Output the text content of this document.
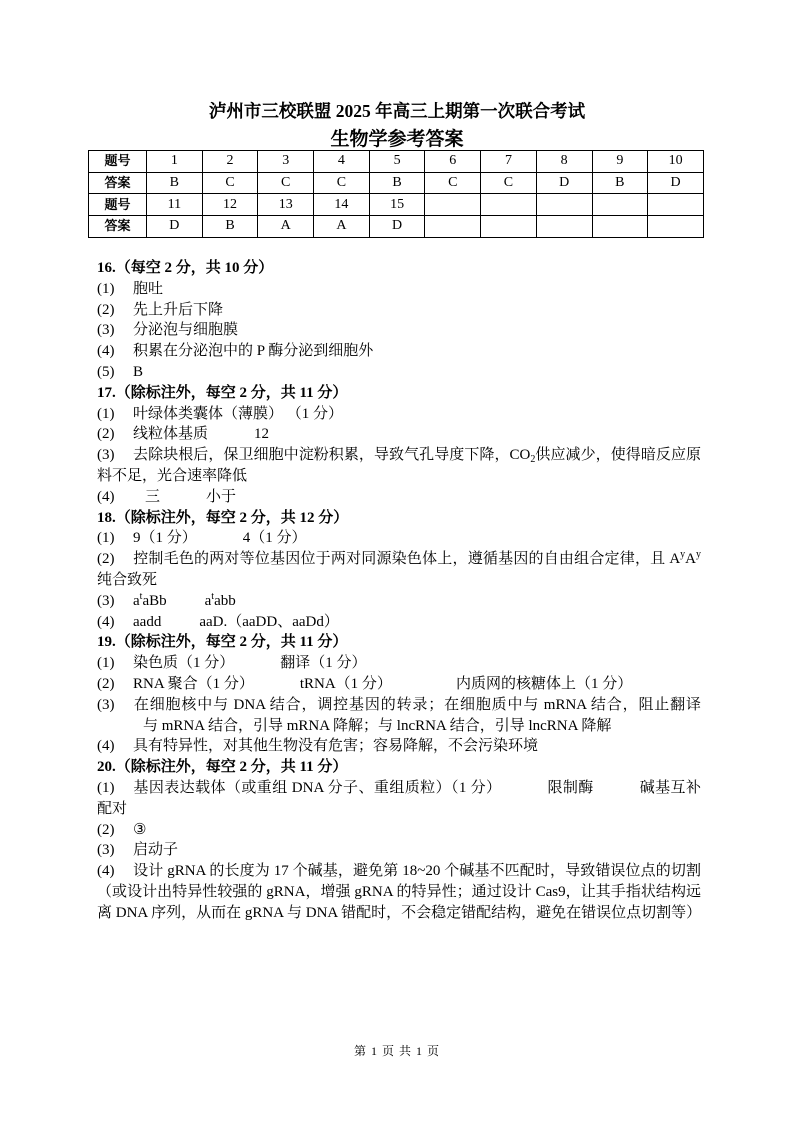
泸州市三校联盟 2025 年高三上期第一次联合考试
生物学参考答案
题号	1	2	3	4	5	6	7	8	9	10
答案	B	C	C	C	B	C	C	D	B	D
题号	11	12	13	14	15					
答案	D	B	A	A	D					
16.（每空 2 分，共 10 分）
(1) 胞吐
(2) 先上升后下降
(3) 分泌泡与细胞膜
(4) 积累在分泌泡中的 P 酶分泌到细胞外
(5) B
17.（除标注外，每空 2 分，共 11 分）
(1) 叶绿体类囊体（薄膜） （1 分）
(2) 线粒体基质	12
(3) 去除块根后，保卫细胞中淀粉积累，导致气孔导度下降，$CO_2$供应减少，使得暗反应原料不足，光合速率降低
(4) 三	小于
18.（除标注外，每空 2 分，共 12 分）
(1) 9（1 分）	4（1 分）
(2) 控制毛色的两对等位基因位于两对同源染色体上，遵循基因的自由组合定律，且 $A^yA^y$纯合致死
(3) $a^taBb$	$a^tabb$
(4) aadd	aaD.（aaDD、aaDd）
19.（除标注外，每空 2 分，共 11 分）
(1) 染色质（1 分）	翻译（1 分）
(2) RNA 聚合（1 分）	tRNA（1 分）	内质网的核糖体上（1 分）
(3) 在细胞核中与 DNA 结合，调控基因的转录；在细胞质中与 mRNA 结合，阻止翻译与 mRNA 结合，引导 mRNA 降解；与 lncRNA 结合，引导 lncRNA 降解
(4) 具有特异性，对其他生物没有危害；容易降解，不会污染环境
20.（除标注外，每空 2 分，共 11 分）
(1) 基因表达载体（或重组 DNA 分子、重组质粒）（1 分）	限制酶	碱基互补配对
(2) ③
(3) 启动子
(4) 设计 gRNA 的长度为 17 个碱基，避免第 18~20 个碱基不匹配时，导致错误位点的切割（或设计出特异性较强的 gRNA，增强 gRNA 的特异性；通过设计 Cas9，让其手指状结构远离 DNA 序列，从而在 gRNA 与 DNA 错配时，不会稳定错配结构，避免在错误位点切割等）
第 1 页 共 1 页
